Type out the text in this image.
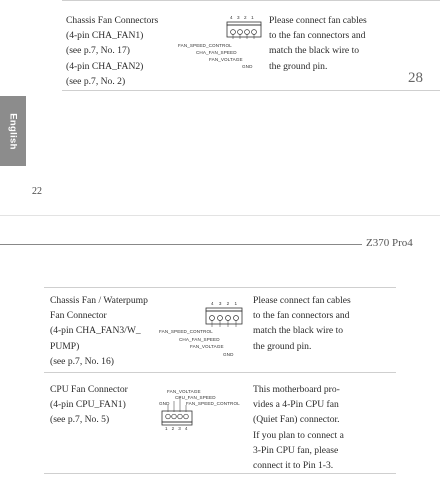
Chassis Fan Connectors
(4-pin CHA_FAN1)
(see p.7, No. 17)
(4-pin CHA_FAN2)
(see p.7, No. 2)
4 3 2 1
FAN_SPEED_CONTROL
CHA_FAN_SPEED
FAN_VOLTAGE
GND
Please connect fan cables
to the fan connectors and
match the black wire to
the ground pin.
28
English
22
Z370 Pro4
Chassis Fan / Waterpump
Fan Connector
(4-pin CHA_FAN3/W_
PUMP)
(see p.7, No. 16)
4 3 2 1
FAN_SPEED_CONTROL
CHA_FAN_SPEED
FAN_VOLTAGE
GND
Please connect fan cables
to the fan connectors and
match the black wire to
the ground pin.
CPU Fan Connector
(4-pin CPU_FAN1)
(see p.7, No. 5)
FAN_VOLTAGE
CPU_FAN_SPEED
GND	FAN_SPEED_CONTROL
1 2 3 4
This motherboard pro-
vides a 4-Pin CPU fan
(Quiet Fan) connector.
If you plan to connect a
3-Pin CPU fan, please
connect it to Pin 1-3.
